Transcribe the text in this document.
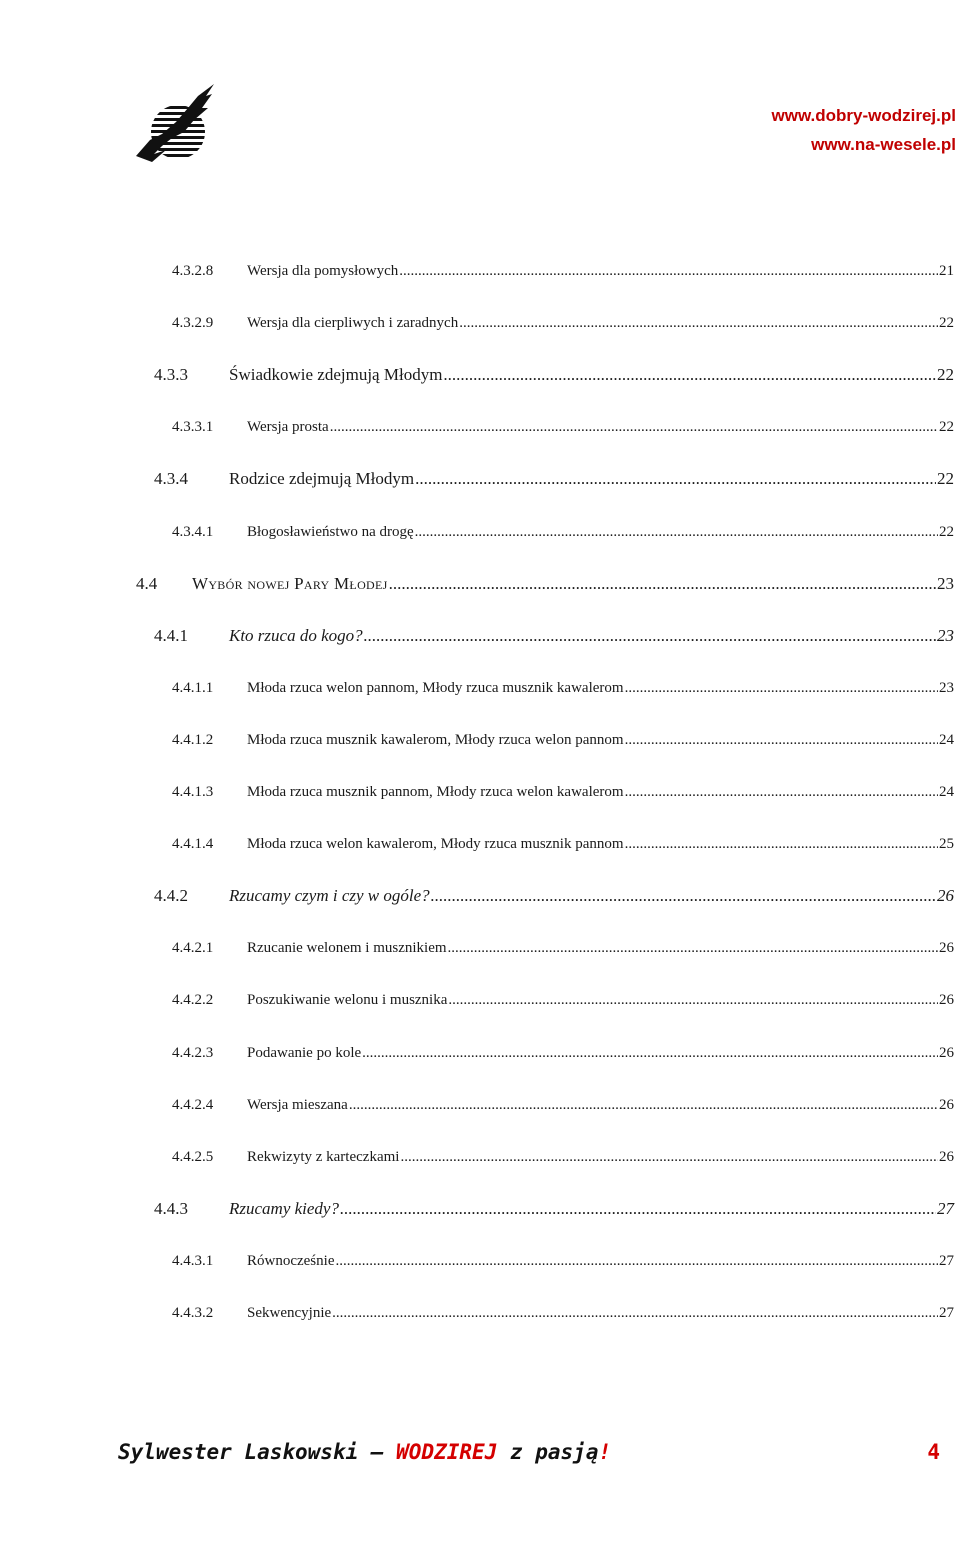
www.dobry-wodzirej.pl
www.na-wesele.pl
4.3.2.8	Wersja dla pomysłowych .....	21
4.3.2.9	Wersja dla cierpliwych i zaradnych .....	22
4.3.3	Świadkowie zdejmują Młodym .....	22
4.3.3.1	Wersja prosta .....	22
4.3.4	Rodzice zdejmują Młodym .....	22
4.3.4.1	Błogosławieństwo na drogę .....	22
4.4	Wybór nowej Pary Młodej .....	23
4.4.1	Kto rzuca do kogo? .....	23
4.4.1.1	Młoda rzuca welon pannom, Młody rzuca musznik kawalerom .....	23
4.4.1.2	Młoda rzuca musznik kawalerom, Młody rzuca welon pannom .....	24
4.4.1.3	Młoda rzuca musznik pannom, Młody rzuca welon kawalerom .....	24
4.4.1.4	Młoda rzuca welon kawalerom, Młody rzuca musznik pannom .....	25
4.4.2	Rzucamy czym i czy w ogóle? .....	26
4.4.2.1	Rzucanie welonem i musznikiem .....	26
4.4.2.2	Poszukiwanie welonu i musznika .....	26
4.4.2.3	Podawanie po kole .....	26
4.4.2.4	Wersja mieszana .....	26
4.4.2.5	Rekwizyty z karteczkami .....	26
4.4.3	Rzucamy kiedy? .....	27
4.4.3.1	Równocześnie .....	27
4.4.3.2	Sekwencyjnie .....	27
Sylwester Laskowski – WODZIREJ z pasją!	4
